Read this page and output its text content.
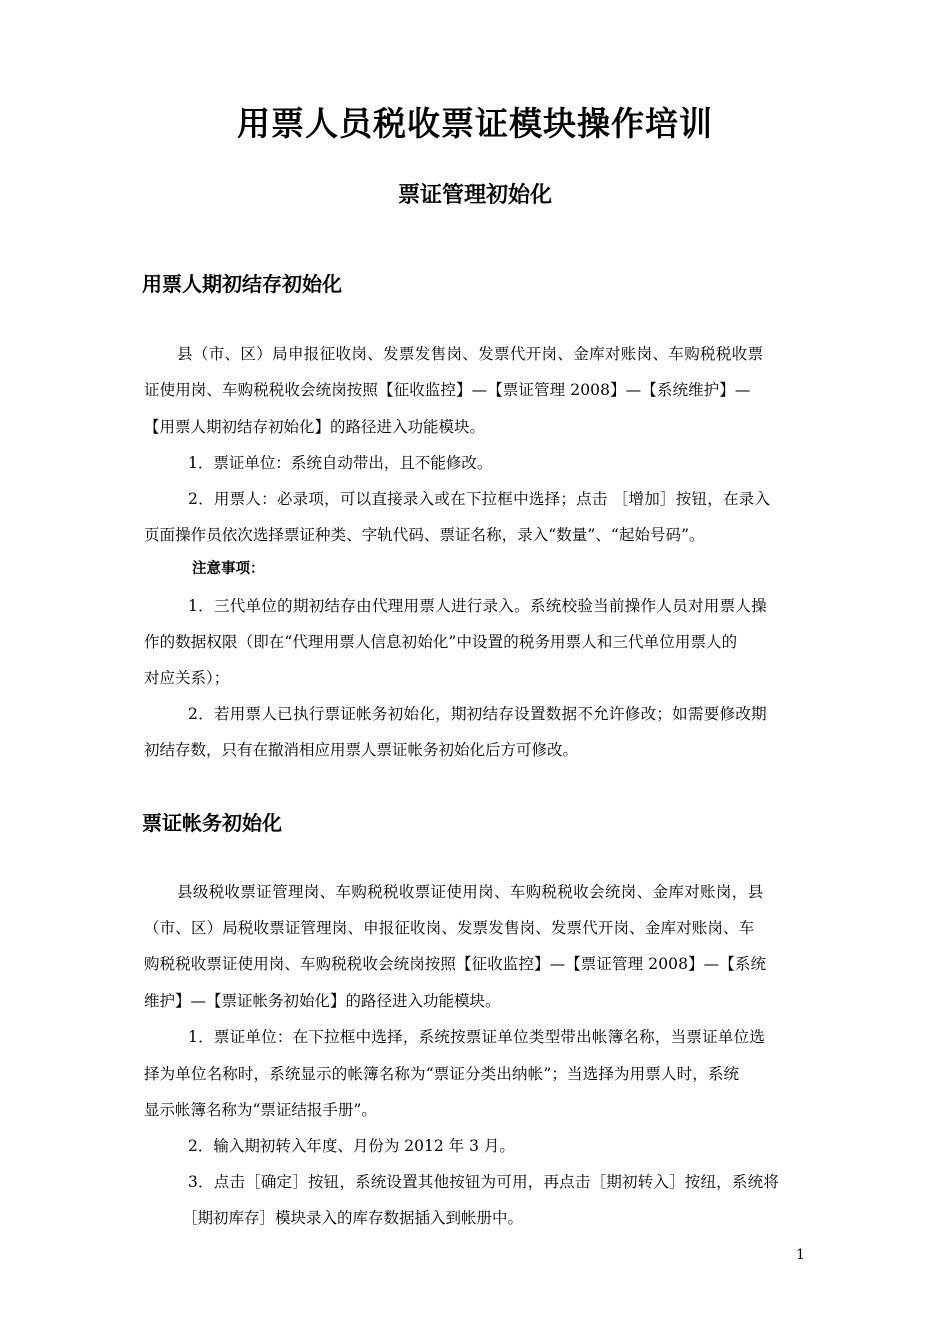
用票人员税收票证模块操作培训
票证管理初始化
用票人期初结存初始化
县（市、区）局申报征收岗、发票发售岗、发票代开岗、金库对账岗、车购税税收票
证使用岗、车购税税收会统岗按照【征收监控】—【票证管理 2008】—【系统维护】—
【用票人期初结存初始化】的路径进入功能模块。
1．票证单位：系统自动带出，且不能修改。
2．用票人：必录项，可以直接录入或在下拉框中选择；点击 ［增加］按钮，在录入
页面操作员依次选择票证种类、字轨代码、票证名称，录入“数量”、“起始号码”。
注意事项：
1．三代单位的期初结存由代理用票人进行录入。系统校验当前操作人员对用票人操
作的数据权限（即在“代理用票人信息初始化”中设置的税务用票人和三代单位用票人的
对应关系）；
2．若用票人已执行票证帐务初始化，期初结存设置数据不允许修改；如需要修改期
初结存数，只有在撤消相应用票人票证帐务初始化后方可修改。
票证帐务初始化
县级税收票证管理岗、车购税税收票证使用岗、车购税税收会统岗、金库对账岗，县
（市、区）局税收票证管理岗、申报征收岗、发票发售岗、发票代开岗、金库对账岗、车
购税税收票证使用岗、车购税税收会统岗按照【征收监控】—【票证管理 2008】—【系统
维护】—【票证帐务初始化】的路径进入功能模块。
1．票证单位：在下拉框中选择，系统按票证单位类型带出帐簿名称，当票证单位选
择为单位名称时，系统显示的帐簿名称为“票证分类出纳帐”；当选择为用票人时，系统
显示帐簿名称为“票证结报手册”。
2．输入期初转入年度、月份为 2012 年 3 月。
3．点击［确定］按钮，系统设置其他按钮为可用，再点击［期初转入］按纽，系统将
［期初库存］模块录入的库存数据插入到帐册中。
1
